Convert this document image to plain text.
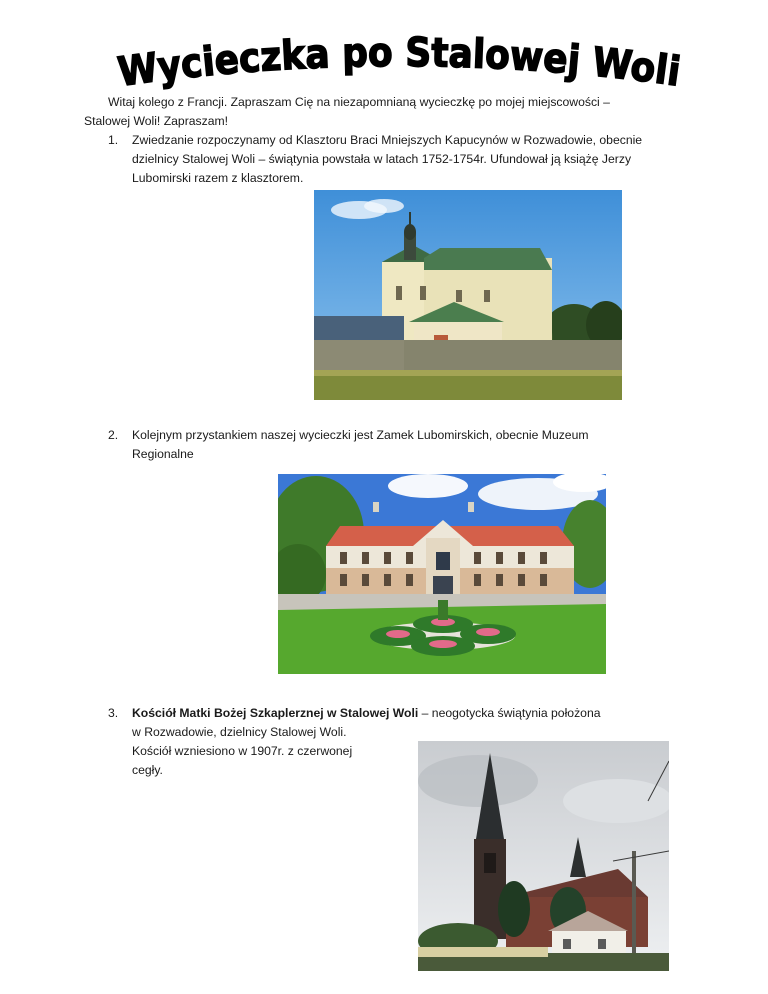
Wycieczka po Stalowej Woli
Witaj kolego z Francji. Zapraszam Cię na niezapomnianą wycieczkę po mojej miejscowości –
Stalowej Woli! Zapraszam!
1.	Zwiedzanie rozpoczynamy od Klasztoru Braci Mniejszych Kapucynów w Rozwadowie, obecnie
dzielnicy Stalowej Woli – świątynia powstała w latach 1752-1754r. Ufundował ją książę Jerzy
Lubomirski razem z klasztorem.
2.	Kolejnym przystankiem naszej wycieczki jest Zamek Lubomirskich, obecnie Muzeum
Regionalne
3.	Kościół Matki Bożej Szkaplerznej w Stalowej Woli – neogotycka świątynia położona
w Rozwadowie, dzielnicy Stalowej Woli.
Kościół wzniesiono w 1907r. z czerwonej
cegły.
